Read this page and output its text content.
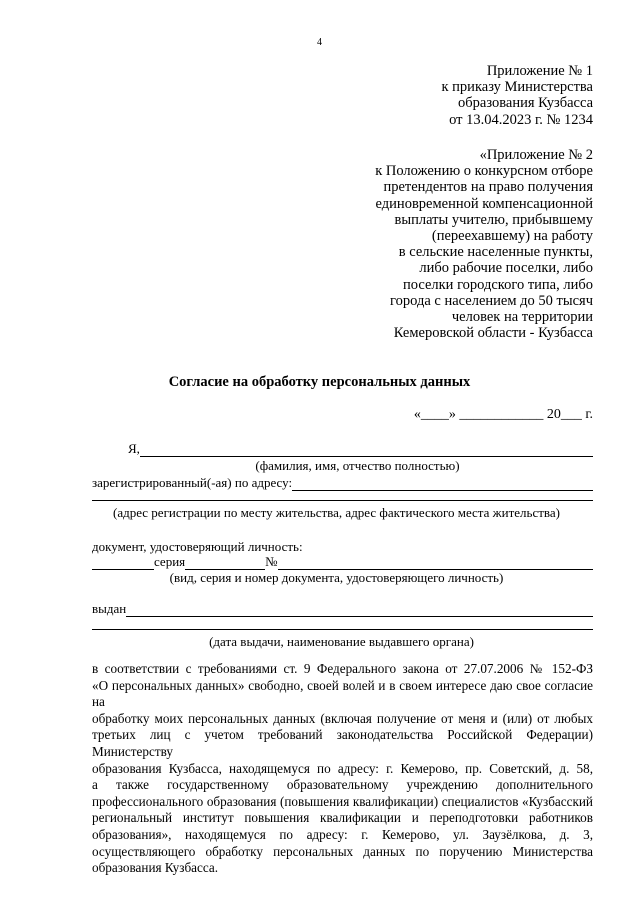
4
Приложение № 1
к приказу Министерства
образования Кузбасса
от 13.04.2023 г. № 1234
«Приложение № 2
к Положению о конкурсном отборе
претендентов на право получения
единовременной компенсационной
выплаты учителю, прибывшему
(переехавшему) на работу
в сельские населенные пункты,
либо рабочие поселки, либо
поселки городского типа, либо
города с населением до 50 тысяч
человек на территории
Кемеровской области - Кузбасса
Согласие на обработку персональных данных
«____» ____________ 20___ г.
Я,
(фамилия, имя, отчество полностью)
зарегистрированный(-ая) по адресу:
(адрес регистрации по месту жительства, адрес фактического места жительства)
документ, удостоверяющий личность:
серия	№
(вид, серия и номер документа, удостоверяющего личность)
выдан
(дата выдачи, наименование выдавшего органа)
в соответствии с требованиями ст. 9 Федерального закона от 27.07.2006 № 152-ФЗ
«О персональных данных» свободно, своей волей и в своем интересе даю свое согласие на
обработку моих персональных данных (включая получение от меня и (или) от любых
третьих лиц с учетом требований законодательства Российской Федерации) Министерству
образования Кузбасса, находящемуся по адресу: г. Кемерово, пр. Советский, д. 58,
а также государственному образовательному учреждению дополнительного
профессионального образования (повышения квалификации) специалистов «Кузбасский
региональный институт повышения квалификации и переподготовки работников
образования», находящемуся по адресу: г. Кемерово, ул. Заузёлкова, д. 3,
осуществляющего обработку персональных данных по поручению Министерства
образования Кузбасса.
